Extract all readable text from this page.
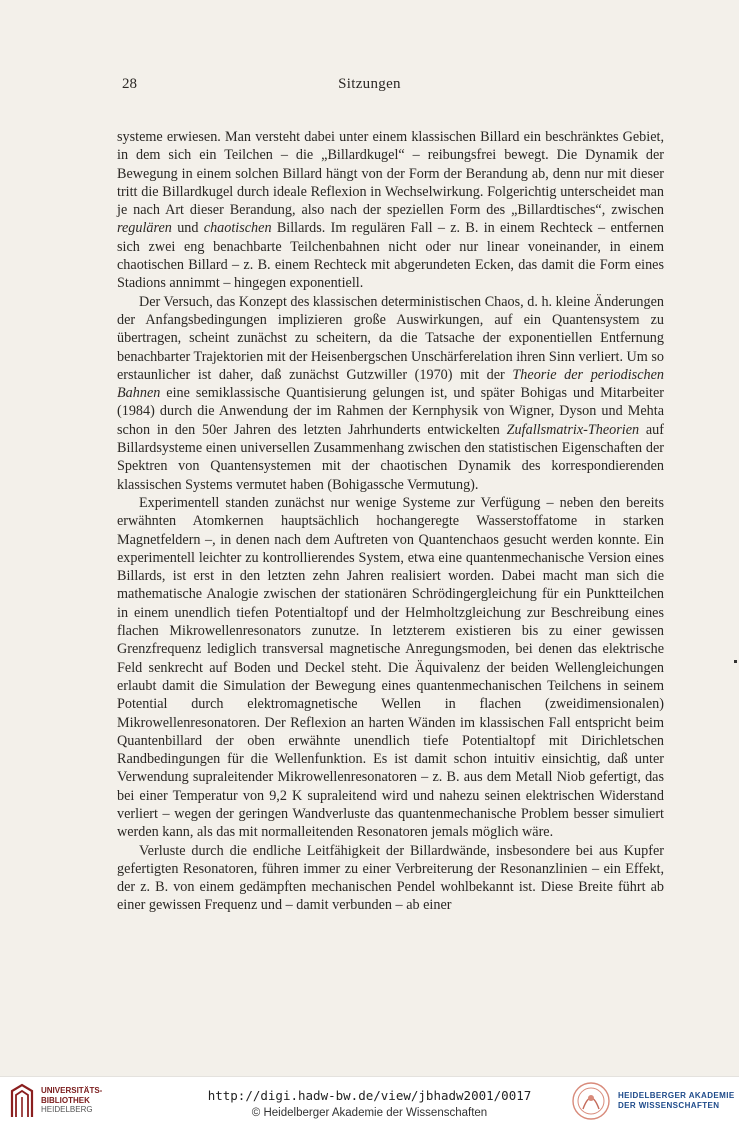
28	Sitzungen

systeme erwiesen. Man versteht dabei unter einem klassischen Billard ein beschränktes Gebiet, in dem sich ein Teilchen – die „Billardkugel“ – reibungsfrei bewegt. Die Dynamik der Bewegung in einem solchen Billard hängt von der Form der Berandung ab, denn nur mit dieser tritt die Billardkugel durch ideale Reflexion in Wechselwirkung. Folgerichtig unterscheidet man je nach Art dieser Berandung, also nach der speziellen Form des „Billardtisches“, zwischen regulären und chaotischen Billards. Im regulären Fall – z. B. in einem Rechteck – entfernen sich zwei eng benachbarte Teilchenbahnen nicht oder nur linear voneinander, in einem chaotischen Billard – z. B. einem Rechteck mit abgerundeten Ecken, das damit die Form eines Stadions annimmt – hingegen exponentiell.

Der Versuch, das Konzept des klassischen deterministischen Chaos, d. h. kleine Änderungen der Anfangsbedingungen implizieren große Auswirkungen, auf ein Quantensystem zu übertragen, scheint zunächst zu scheitern, da die Tatsache der exponentiellen Entfernung benachbarter Trajektorien mit der Heisenbergschen Unschärferelation ihren Sinn verliert. Um so erstaunlicher ist daher, daß zunächst Gutzwiller (1970) mit der Theorie der periodischen Bahnen eine semiklassische Quantisierung gelungen ist, und später Bohigas und Mitarbeiter (1984) durch die Anwendung der im Rahmen der Kernphysik von Wigner, Dyson und Mehta schon in den 50er Jahren des letzten Jahrhunderts entwickelten Zufallsmatrix-Theorien auf Billardsysteme einen universellen Zusammenhang zwischen den statistischen Eigenschaften der Spektren von Quantensystemen mit der chaotischen Dynamik des korrespondierenden klassischen Systems vermutet haben (Bohigassche Vermutung).

Experimentell standen zunächst nur wenige Systeme zur Verfügung – neben den bereits erwähnten Atomkernen hauptsächlich hochangeregte Wasserstoffatome in starken Magnetfeldern –, in denen nach dem Auftreten von Quantenchaos gesucht werden konnte. Ein experimentell leichter zu kontrollierendes System, etwa eine quantenmechanische Version eines Billards, ist erst in den letzten zehn Jahren realisiert worden. Dabei macht man sich die mathematische Analogie zwischen der stationären Schrödingergleichung für ein Punktteilchen in einem unendlich tiefen Potentialtopf und der Helmholtzgleichung zur Beschreibung eines flachen Mikrowellenresonators zunutze. In letzterem existieren bis zu einer gewissen Grenzfrequenz lediglich transversal magnetische Anregungsmoden, bei denen das elektrische Feld senkrecht auf Boden und Deckel steht. Die Äquivalenz der beiden Wellengleichungen erlaubt damit die Simulation der Bewegung eines quantenmechanischen Teilchens in seinem Potential durch elektromagnetische Wellen in flachen (zweidimensionalen) Mikrowellenresonatoren. Der Reflexion an harten Wänden im klassischen Fall entspricht beim Quantenbillard der oben erwähnte unendlich tiefe Potentialtopf mit Dirichletschen Randbedingungen für die Wellenfunktion. Es ist damit schon intuitiv einsichtig, daß unter Verwendung supraleitender Mikrowellenresonatoren – z. B. aus dem Metall Niob gefertigt, das bei einer Temperatur von 9,2 K supraleitend wird und nahezu seinen elektrischen Widerstand verliert – wegen der geringen Wandverluste das quantenmechanische Problem besser simuliert werden kann, als das mit normalleitenden Resonatoren jemals möglich wäre.

Verluste durch die endliche Leitfähigkeit der Billardwände, insbesondere bei aus Kupfer gefertigten Resonatoren, führen immer zu einer Verbreiterung der Resonanzlinien – ein Effekt, der z. B. von einem gedämpften mechanischen Pendel wohlbekannt ist. Diese Breite führt ab einer gewissen Frequenz und – damit verbunden – ab einer

UNIVERSITÄTS-
BIBLIOTHEK
HEIDELBERG
http://digi.hadw-bw.de/view/jbhadw2001/0017
© Heidelberger Akademie der Wissenschaften
HEIDELBERGER AKADEMIE
DER WISSENSCHAFTEN
